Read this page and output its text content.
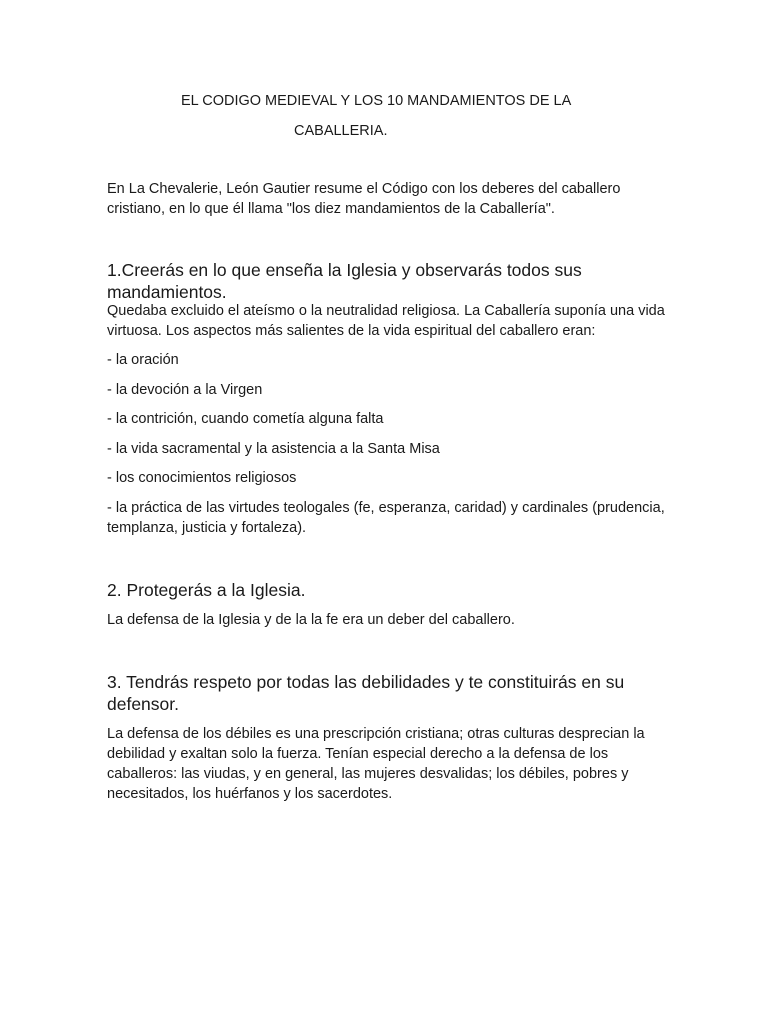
EL CODIGO MEDIEVAL Y LOS 10 MANDAMIENTOS DE LA
CABALLERIA.
En La Chevalerie, León Gautier resume el Código con los deberes del caballero cristiano, en lo que él llama "los diez mandamientos de la Caballería".
1.Creerás en lo que enseña la Iglesia y observarás todos sus mandamientos.
Quedaba excluido el ateísmo o la neutralidad religiosa. La Caballería suponía una vida virtuosa. Los aspectos más salientes de la vida espiritual del caballero eran:
- la oración
- la devoción a la Virgen
- la contrición, cuando cometía alguna falta
- la vida sacramental y la asistencia a la Santa Misa
- los conocimientos religiosos
- la práctica de las virtudes teologales (fe, esperanza, caridad) y cardinales (prudencia, templanza, justicia y fortaleza).
2. Protegerás a la Iglesia.
La defensa de la Iglesia y de la la fe era un deber del caballero.
3. Tendrás respeto por todas las debilidades y te constituirás en su defensor.
La defensa de los débiles es una prescripción cristiana; otras culturas desprecian la debilidad y exaltan solo la fuerza. Tenían especial derecho a la defensa de los caballeros: las viudas, y en general, las mujeres desvalidas; los débiles, pobres y necesitados, los huérfanos y los sacerdotes.
